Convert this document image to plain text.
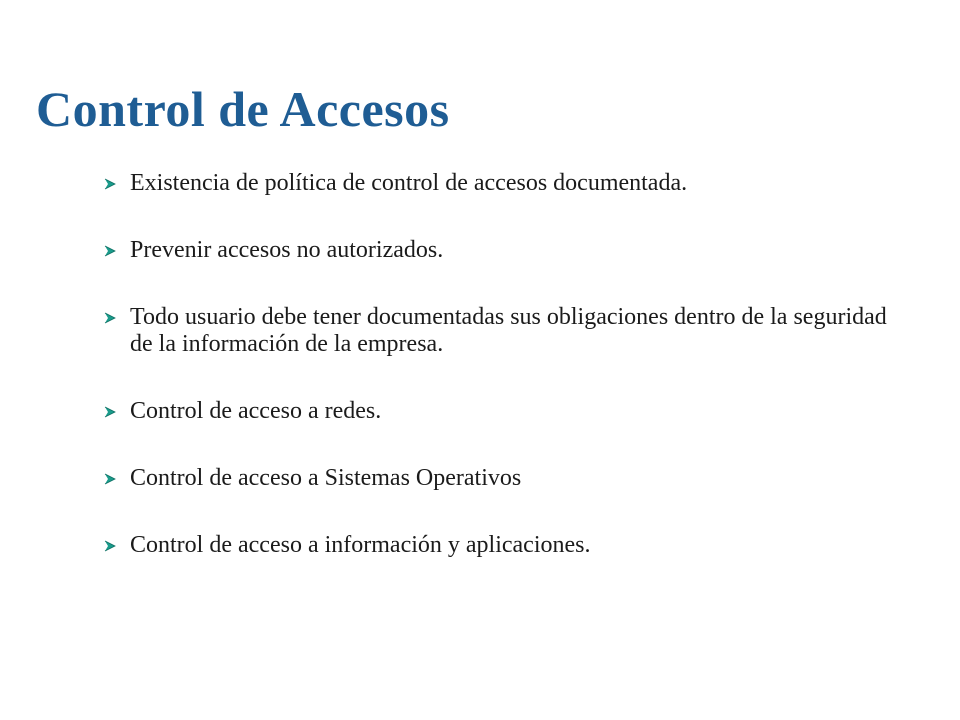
Control de Accesos
Existencia de política de control de accesos documentada.
Prevenir accesos no autorizados.
Todo usuario debe tener documentadas sus obligaciones dentro de la seguridad de la información de la empresa.
Control de acceso a redes.
Control de acceso a Sistemas Operativos
Control de acceso a información y aplicaciones.
